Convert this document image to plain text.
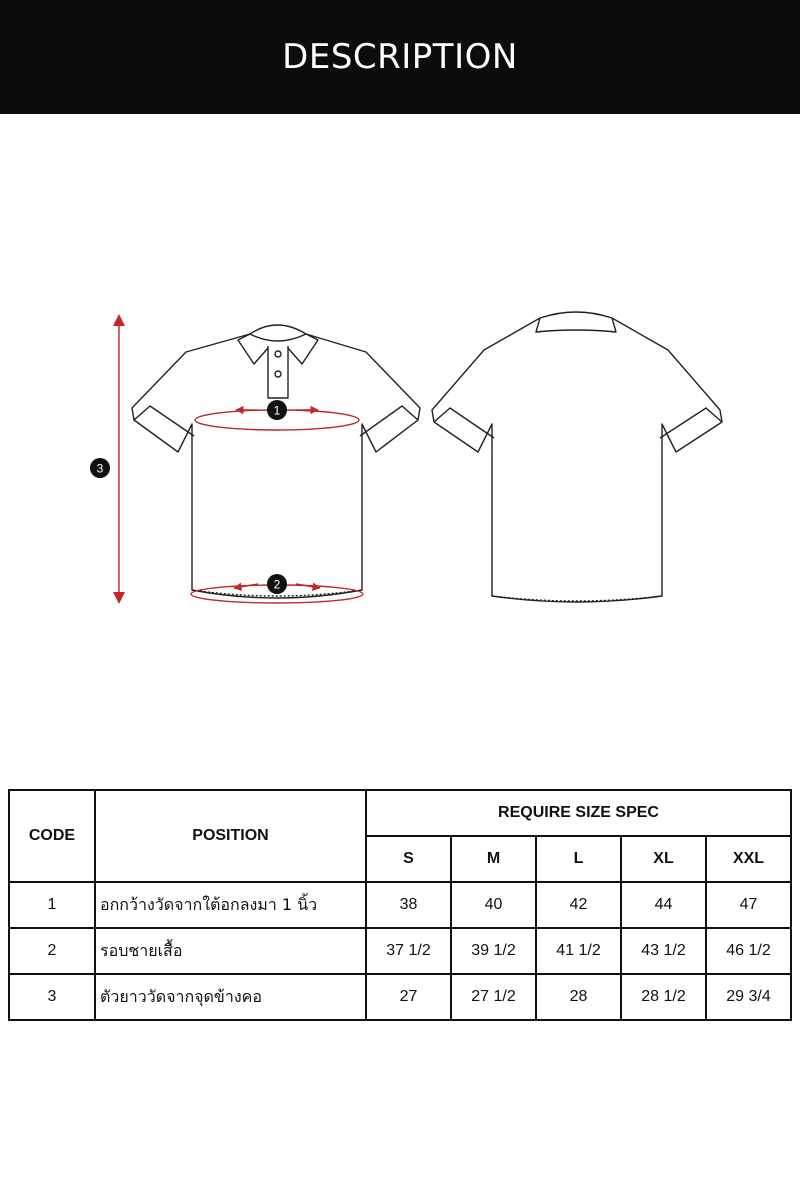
DESCRIPTION
1
2
3
CODE	POSITION	REQUIRE SIZE SPEC				
		S	M	L	XL	XXL
1	อกกว้างวัดจากใต้อกลงมา 1 นิ้ว	38	40	42	44	47
2	รอบชายเสื้อ	37 1/2	39 1/2	41 1/2	43 1/2	46 1/2
3	ตัวยาววัดจากจุดข้างคอ	27	27 1/2	28	28 1/2	29 3/4
